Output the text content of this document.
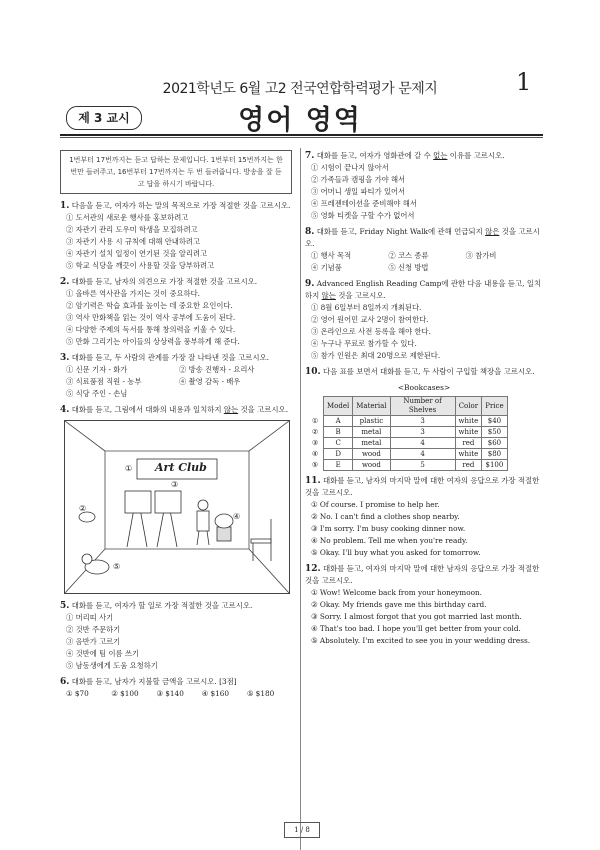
2021학년도 6월 고2 전국연합학력평가 문제지	1
제 3 교시	영어 영역
1번부터 17번까지는 듣고 답하는 문제입니다. 1번부터 15번까지는 한 번만 들려주고, 16번부터 17번까지는 두 번 들려줍니다. 방송을 잘 듣고 답을 하시기 바랍니다.
1. 다음을 듣고, 여자가 하는 말의 목적으로 가장 적절한 것을 고르시오.
① 도서관의 새로운 행사를 홍보하려고
② 자관기 관리 도우미 학생을 모집하려고
③ 자관기 사용 시 규칙에 대해 안내하려고
④ 자관기 설치 일정이 연기된 것을 알리려고
⑤ 학교 식당을 깨끗이 사용할 것을 당부하려고
2. 대화를 듣고, 남자의 의견으로 가장 적절한 것을 고르시오.
① 올바른 역사관을 가지는 것이 중요하다.
② 암기력은 학습 효과를 높이는 데 중요한 요인이다.
③ 역사 만화책을 읽는 것이 역사 공부에 도움이 된다.
④ 다양한 주제의 독서를 통해 창의력을 키울 수 있다.
⑤ 만화 그리기는 아이들의 상상력을 풍부하게 해 준다.
3. 대화를 듣고, 두 사람의 관계를 가장 잘 나타낸 것을 고르시오.
① 신문 기자 - 화가	② 방송 진행자 - 요리사
③ 식료품점 직원 - 농부	④ 촬영 감독 - 배우
⑤ 식당 주인 - 손님
4. 대화를 듣고, 그림에서 대화의 내용과 일치하지 않는 것을 고르시오.
Art Club
①
②
③
④
⑤
5. 대화를 듣고, 여자가 할 일로 가장 적절한 것을 고르시오.
① 머리띠 사기
② 것반 주문하기
③ 음반가 고르기
④ 것반에 팀 이름 쓰기
⑤ 남동생에게 도움 요청하기
6. 대화를 듣고, 남자가 지불할 금액을 고르시오. [3점]
① $70	② $100	③ $140	④ $160	⑤ $180
7. 대화를 듣고, 여자가 영화관에 갈 수 없는 이유를 고르시오.
① 시험이 끝나지 않아서
② 가족들과 캠핑을 가야 해서
③ 어머니 생일 파티가 있어서
④ 프레젠테이션을 준비해야 해서
⑤ 영화 티켓을 구할 수가 없어서
8. 대화를 듣고, Friday Night Walk에 관해 언급되지 않은 것을 고르시오.
① 행사 목적	② 코스 종류	③ 참가비
④ 기념품	⑤ 신청 방법
9. Advanced English Reading Camp에 관한 다음 내용을 듣고, 일치하지 않는 것을 고르시오.
① 8월 6일부터 8일까지 개최된다.
② 영어 원어민 교사 2명이 참여한다.
③ 온라인으로 사전 등록을 해야 한다.
④ 누구나 무료로 참가할 수 있다.
⑤ 참가 인원은 최대 20명으로 제한된다.
10. 다음 표를 보면서 대화를 듣고, 두 사람이 구입할 책장을 고르시오.
<Bookcases>
	Model	Material	Number of Shelves	Color	Price
①	A	plastic	3	white	$40
②	B	metal	3	white	$50
③	C	metal	4	red	$60
④	D	wood	4	white	$80
⑤	E	wood	5	red	$100
11. 대화를 듣고, 남자의 마지막 말에 대한 여자의 응답으로 가장 적절한 것을 고르시오.
① Of course. I promise to help her.
② No. I can't find a clothes shop nearby.
③ I'm sorry. I'm busy cooking dinner now.
④ No problem. Tell me when you're ready.
⑤ Okay. I'll buy what you asked for tomorrow.
12. 대화를 듣고, 여자의 마지막 말에 대한 남자의 응답으로 가장 적절한 것을 고르시오.
① Wow! Welcome back from your honeymoon.
② Okay. My friends gave me this birthday card.
③ Sorry. I almost forgot that you got married last month.
④ That's too bad. I hope you'll get better from your cold.
⑤ Absolutely. I'm excited to see you in your wedding dress.
1 / 8
